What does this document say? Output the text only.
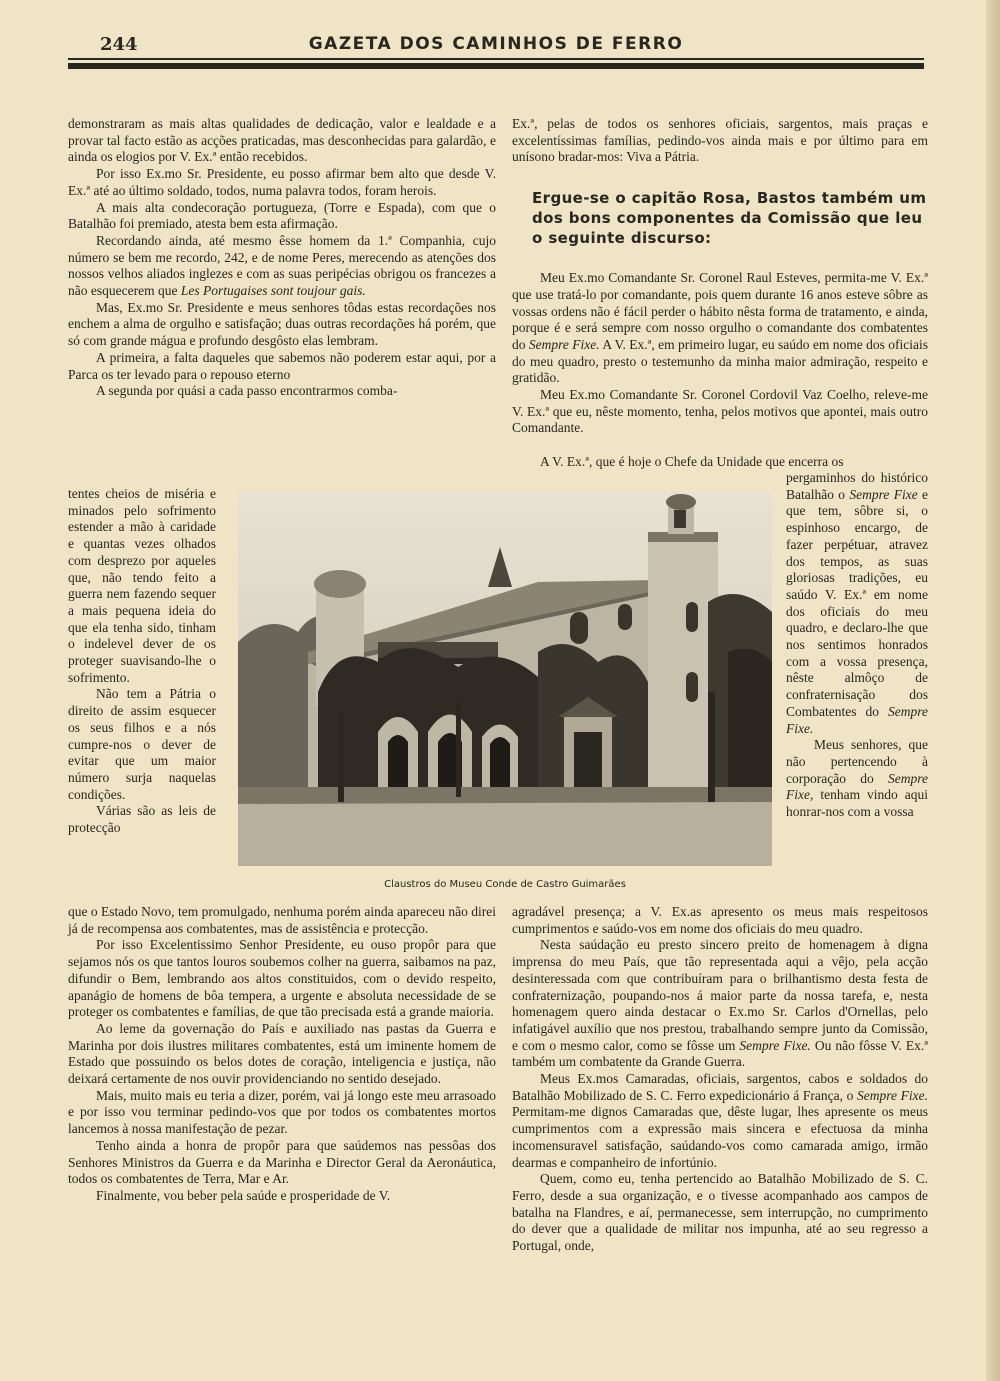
244	GAZETA DOS CAMINHOS DE FERRO

demonstraram as mais altas qualidades de dedicação, valor e lealdade e a provar tal facto estão as acções praticadas, mas desconhecidas para galardão, e ainda os elogios por V. Ex.ª então recebidos.

Por isso Ex.mo Sr. Presidente, eu posso afirmar bem alto que desde V. Ex.ª até ao último soldado, todos, numa palavra todos, foram herois.

A mais alta condecoração portugueza, (Torre e Espada), com que o Batalhão foi premiado, atesta bem esta afirmação.

Recordando ainda, até mesmo êsse homem da 1.ª Companhia, cujo número se bem me recordo, 242, e de nome Peres, merecendo as atenções dos nossos velhos aliados inglezes e com as suas peripécias obrigou os francezes a não esquecerem que Les Portugaises sont toujour gais.

Mas, Ex.mo Sr. Presidente e meus senhores tôdas estas recordações nos enchem a alma de orgulho e satisfação; duas outras recordações há porém, que só com grande mágua e profundo desgôsto elas lembram.

A primeira, a falta daqueles que sabemos não poderem estar aqui, por a Parca os ter levado para o repouso eterno

A segunda por quási a cada passo encontrarmos comba-

tentes cheios de miséria e minados pelo sofrimento estender a mão à caridade e quantas vezes olhados com desprezo por aqueles que, não tendo feito a guerra nem fazendo sequer a mais pequena ideia do que ela tenha sido, tinham o indelevel dever de os proteger suavisando-lhe o sofrimento.

Não tem a Pátria o direito de assim esquecer os seus filhos e a nós cumpre-nos o dever de evitar que um maior número surja naquelas condições.

Várias são as leis de protecção

Claustros do Museu Conde de Castro Guimarães

que o Estado Novo, tem promulgado, nenhuma porém ainda apareceu não direi já de recompensa aos combatentes, mas de assistência e protecção.

Por isso Excelentissimo Senhor Presidente, eu ouso propôr para que sejamos nós os que tantos louros soubemos colher na guerra, saibamos na paz, difundir o Bem, lembrando aos altos constituidos, com o devido respeito, apanágio de homens de bôa tempera, a urgente e absoluta necessidade de se proteger os combatentes e famílias, de que tão precisada está a grande maioria.

Ao leme da governação do País e auxiliado nas pastas da Guerra e Marinha por dois ilustres militares combatentes, está um iminente homem de Estado que possuindo os belos dotes de coração, inteligencia e justiça, não deixará certamente de nos ouvir providenciando no sentido desejado.

Mais, muito mais eu teria a dizer, porém, vai já longo este meu arrasoado e por isso vou terminar pedindo-vos que por todos os combatentes mortos lancemos à nossa manifestação de pezar.

Tenho ainda a honra de propôr para que saúdemos nas pessôas dos Senhores Ministros da Guerra e da Marinha e Director Geral da Aeronáutica, todos os combatentes de Terra, Mar e Ar.

Finalmente, vou beber pela saúde e prosperidade de V.

Ex.ª, pelas de todos os senhores oficiais, sargentos, mais praças e excelentíssimas famílias, pedindo-vos ainda mais e por último para em unísono bradar-mos: Viva a Pátria.

Ergue-se o capitão Rosa, Bastos também um dos bons componentes da Comissão que leu o seguinte discurso:

Meu Ex.mo Comandante Sr. Coronel Raul Esteves, permita-me V. Ex.ª que use tratá-lo por comandante, pois quem durante 16 anos esteve sôbre as vossas ordens não é fácil perder o hábito nêsta forma de tratamento, e ainda, porque é e será sempre com nosso orgulho o comandante dos combatentes do Sempre Fixe. A V. Ex.ª, em primeiro lugar, eu saúdo em nome dos oficiais do meu quadro, presto o testemunho da minha maior admiração, respeito e gratidão.

Meu Ex.mo Comandante Sr. Coronel Cordovil Vaz Coelho, releve-me V. Ex.ª que eu, nêste momento, tenha, pelos motivos que apontei, mais outro Comandante.

A V. Ex.ª, que é hoje o Chefe da Unidade que encerra os

pergaminhos do histórico Batalhão o Sempre Fixe e que tem, sôbre si, o espinhoso encargo, de fazer perpétuar, atravez dos tempos, as suas gloriosas tradições, eu saúdo V. Ex.ª em nome dos oficiais do meu quadro, e declaro-lhe que nos sentimos honrados com a vossa presença, nêste almôço de confraternisação dos Combatentes do Sempre Fixe.

Meus senhores, que não pertencendo à corporação do Sempre Fixe, tenham vindo aqui honrar-nos com a vossa

agradável presença; a V. Ex.as apresento os meus mais respeitosos cumprimentos e saúdo-vos em nome dos oficiais do meu quadro.

Nesta saúdação eu presto sincero preito de homenagem à digna imprensa do meu País, que tão representada aqui a vêjo, pela acção desinteressada com que contribuíram para o brilhantismo desta festa de confraternização, poupando-nos á maior parte da nossa tarefa, e, nesta homenagem quero ainda destacar o Ex.mo Sr. Carlos d'Ornellas, pelo infatigável auxílio que nos prestou, trabalhando sempre junto da Comissão, e com o mesmo calor, como se fôsse um Sempre Fixe. Ou não fôsse V. Ex.ª também um combatente da Grande Guerra.

Meus Ex.mos Camaradas, oficiais, sargentos, cabos e soldados do Batalhão Mobilizado de S. C. Ferro expedicionário á França, o Sempre Fixe. Permitam-me dignos Camaradas que, dêste lugar, lhes apresente os meus cumprimentos com a expressão mais sincera e efectuosa da minha incomensuravel satisfação, saúdando-vos como camarada amigo, irmão dearmas e companheiro de infortúnio.

Quem, como eu, tenha pertencido ao Batalhão Mobilizado de S. C. Ferro, desde a sua organização, e o tivesse acompanhado aos campos de batalha na Flandres, e aí, permanecesse, sem interrupção, no cumprimento do dever que a qualidade de militar nos impunha, até ao seu regresso a Portugal, onde,
